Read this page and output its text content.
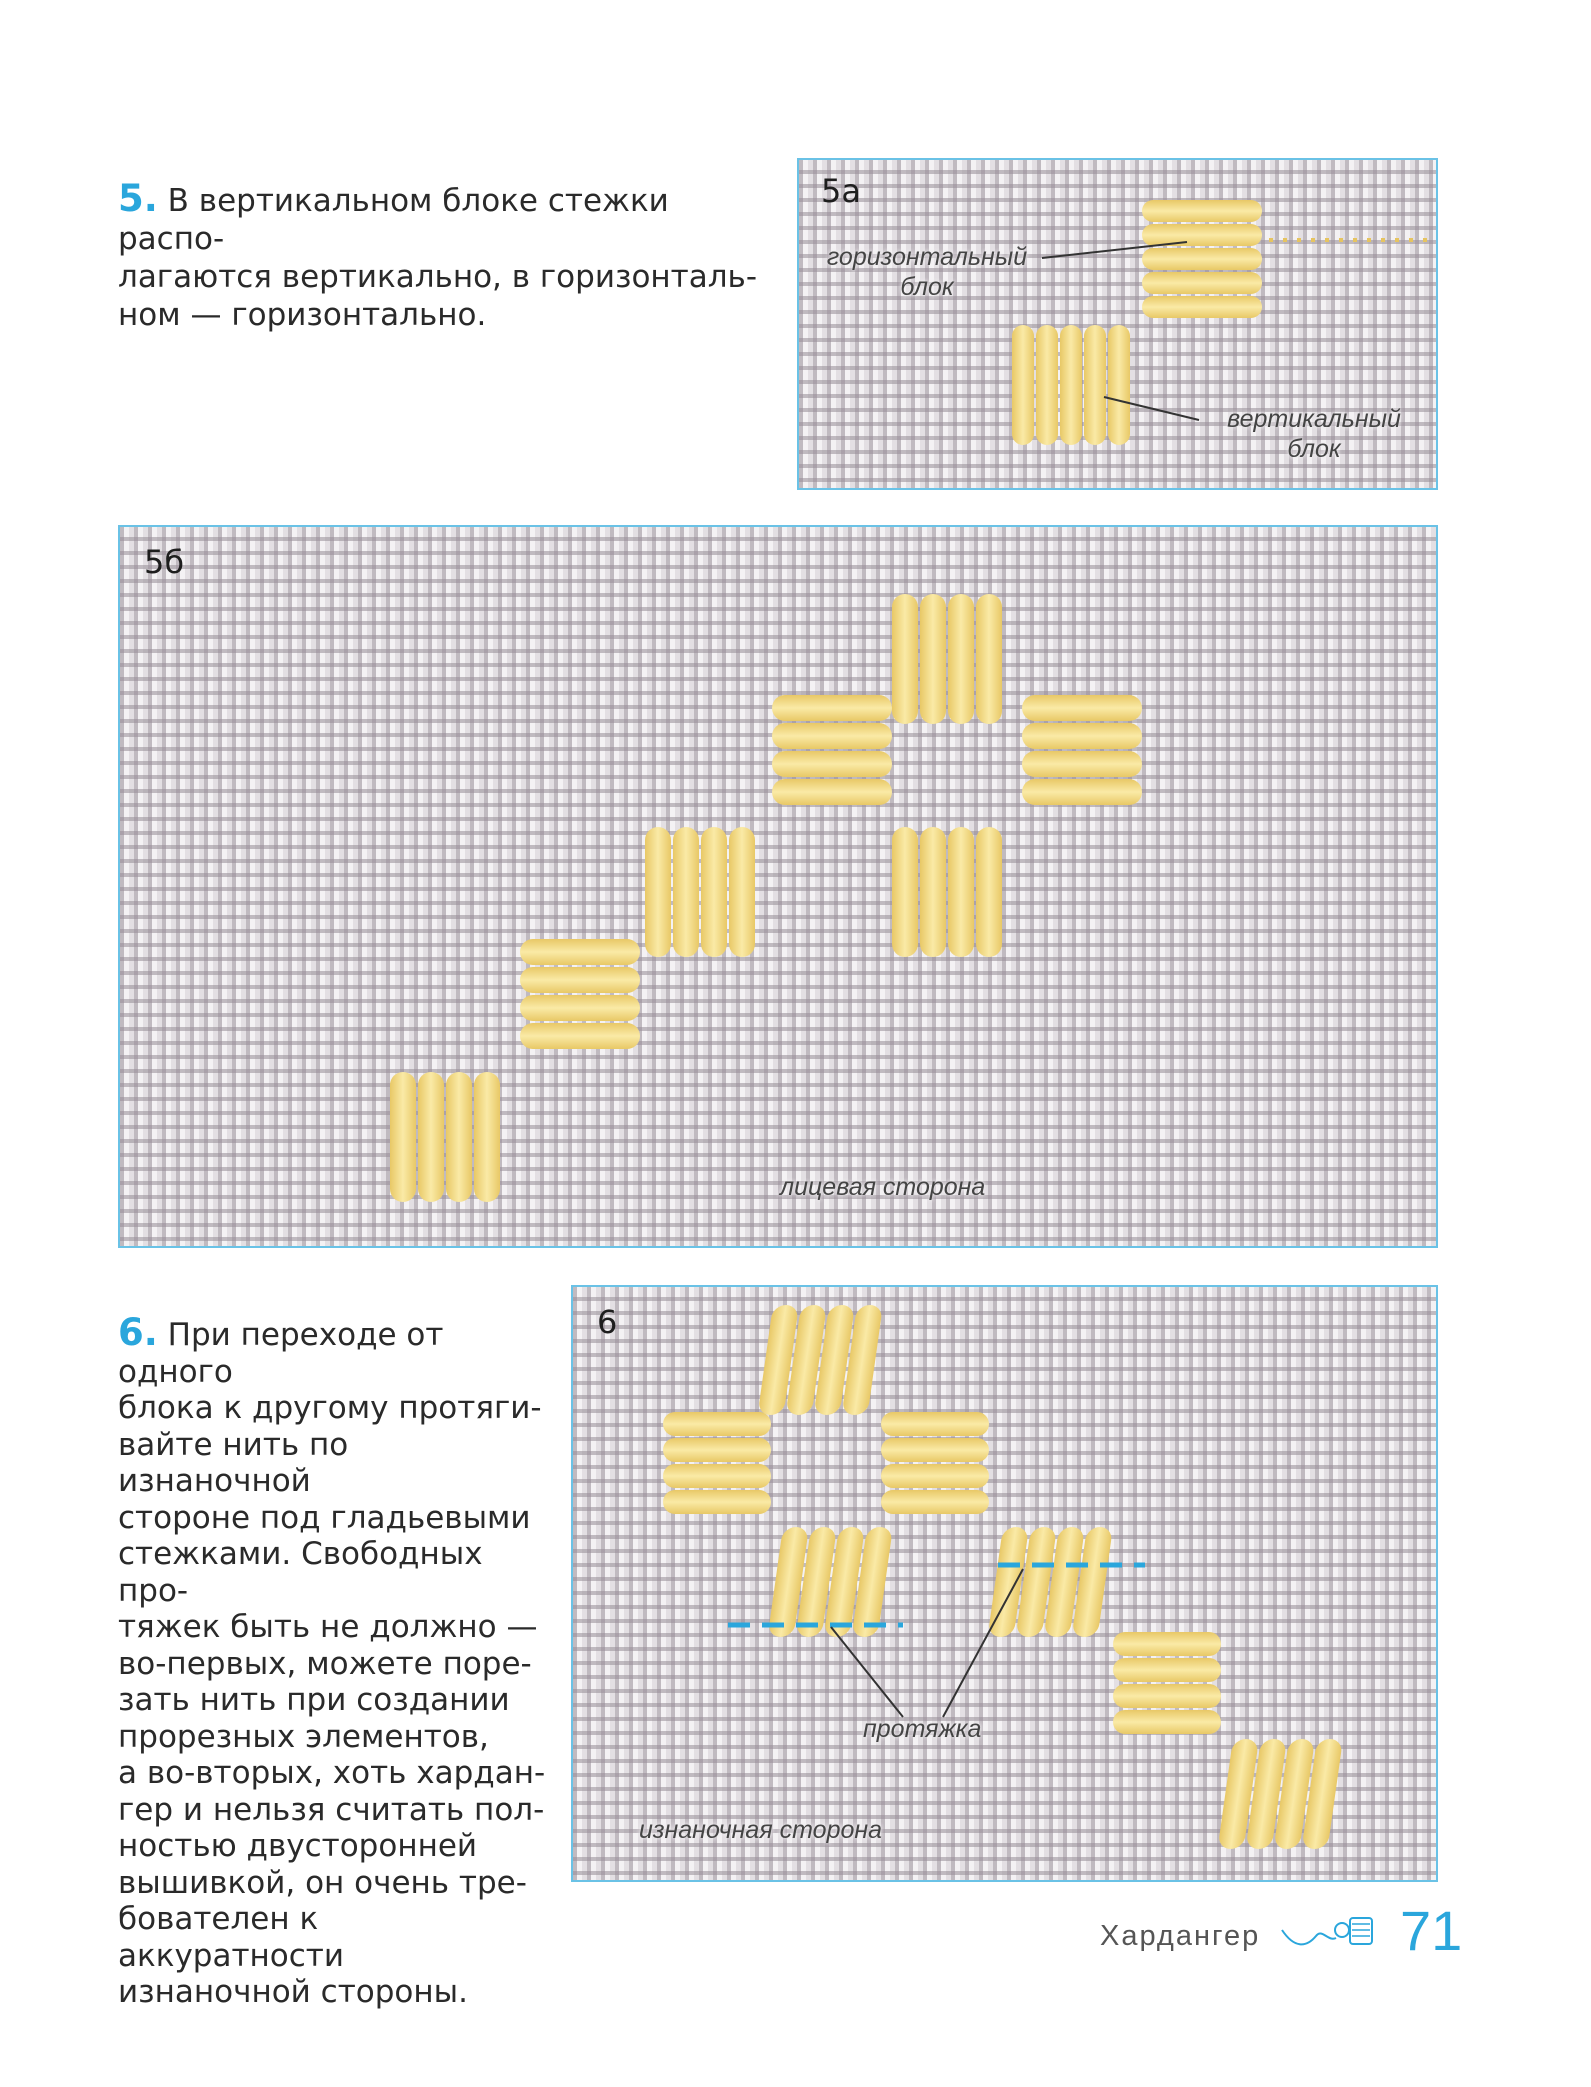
5. В вертикальном блоке стежки распо-
лагаются вертикально, в горизонталь-
ном — горизонтально.

5а
горизонтальный
блок
вертикальный
блок
5б
лицевая сторона

6. При переходе от одного
блока к другому протяги-
вайте нить по изнаночной
стороне под гладьевыми
стежками. Свободных про-
тяжек быть не должно —
во-первых, можете поре-
зать нить при создании
прорезных элементов,
а во-вторых, хоть хардан-
гер и нельзя считать пол-
ностью двусторонней
вышивкой, он очень тре-
бователен к аккуратности
изнаночной стороны.

6
протяжка
изнаночная сторона
Хардангер 71
